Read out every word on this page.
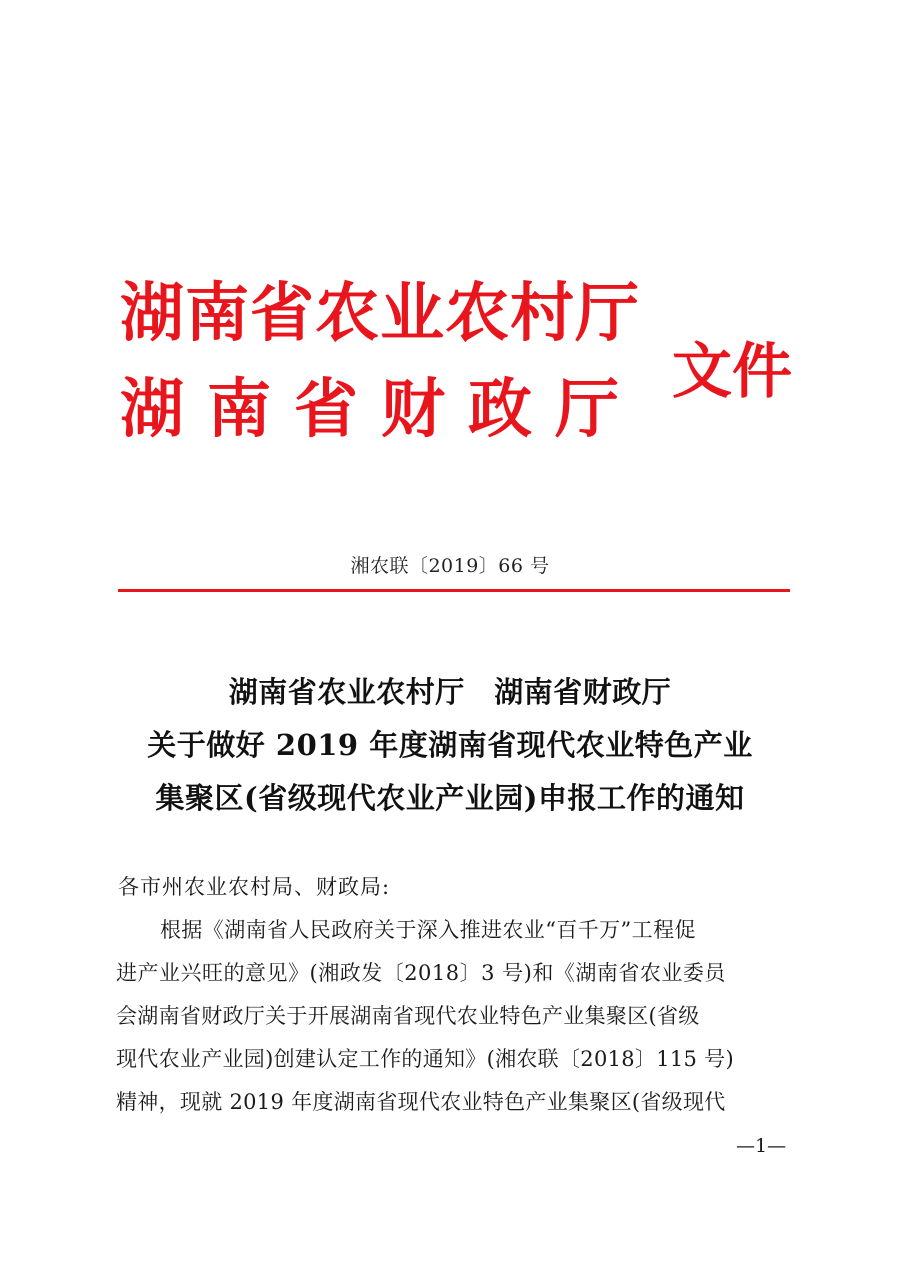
湖南省农业农村厅
湖南省财政厅
文件
湘农联〔2019〕66 号
湖南省农业农村厅　湖南省财政厅
关于做好 2019 年度湖南省现代农业特色产业
集聚区(省级现代农业产业园)申报工作的通知
各市州农业农村局、财政局:
根据《湖南省人民政府关于深入推进农业“百千万”工程促
进产业兴旺的意见》(湘政发〔2018〕3 号)和《湖南省农业委员
会湖南省财政厅关于开展湖南省现代农业特色产业集聚区(省级
现代农业产业园)创建认定工作的通知》(湘农联〔2018〕115 号)
精神，现就 2019 年度湖南省现代农业特色产业集聚区(省级现代
—1—
